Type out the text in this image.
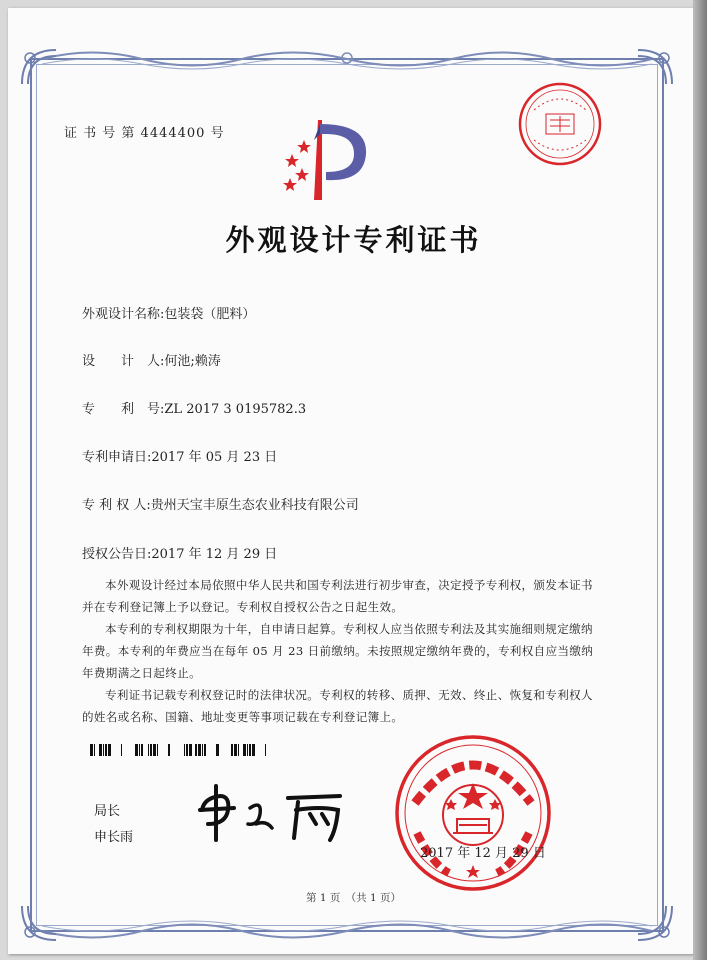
证 书 号 第 4444400 号
外观设计专利证书
外观设计名称:包装袋（肥料）
设　　计　人:何池;赖涛
专　　利　号:ZL 2017 3 0195782.3
专利申请日:2017 年 05 月 23 日
专 利 权 人:贵州天宝丰原生态农业科技有限公司
授权公告日:2017 年 12 月 29 日
本外观设计经过本局依照中华人民共和国专利法进行初步审查，决定授予专利权，颁发本证书并在专利登记簿上予以登记。专利权自授权公告之日起生效。
本专利的专利权期限为十年，自申请日起算。专利权人应当依照专利法及其实施细则规定缴纳年费。本专利的年费应当在每年 05 月 23 日前缴纳。未按照规定缴纳年费的，专利权自应当缴纳年费期满之日起终止。
专利证书记载专利权登记时的法律状况。专利权的转移、质押、无效、终止、恢复和专利权人的姓名或名称、国籍、地址变更等事项记载在专利登记簿上。
局长
申长雨
2017 年 12 月 29 日
第 1 页　（共 1 页）
